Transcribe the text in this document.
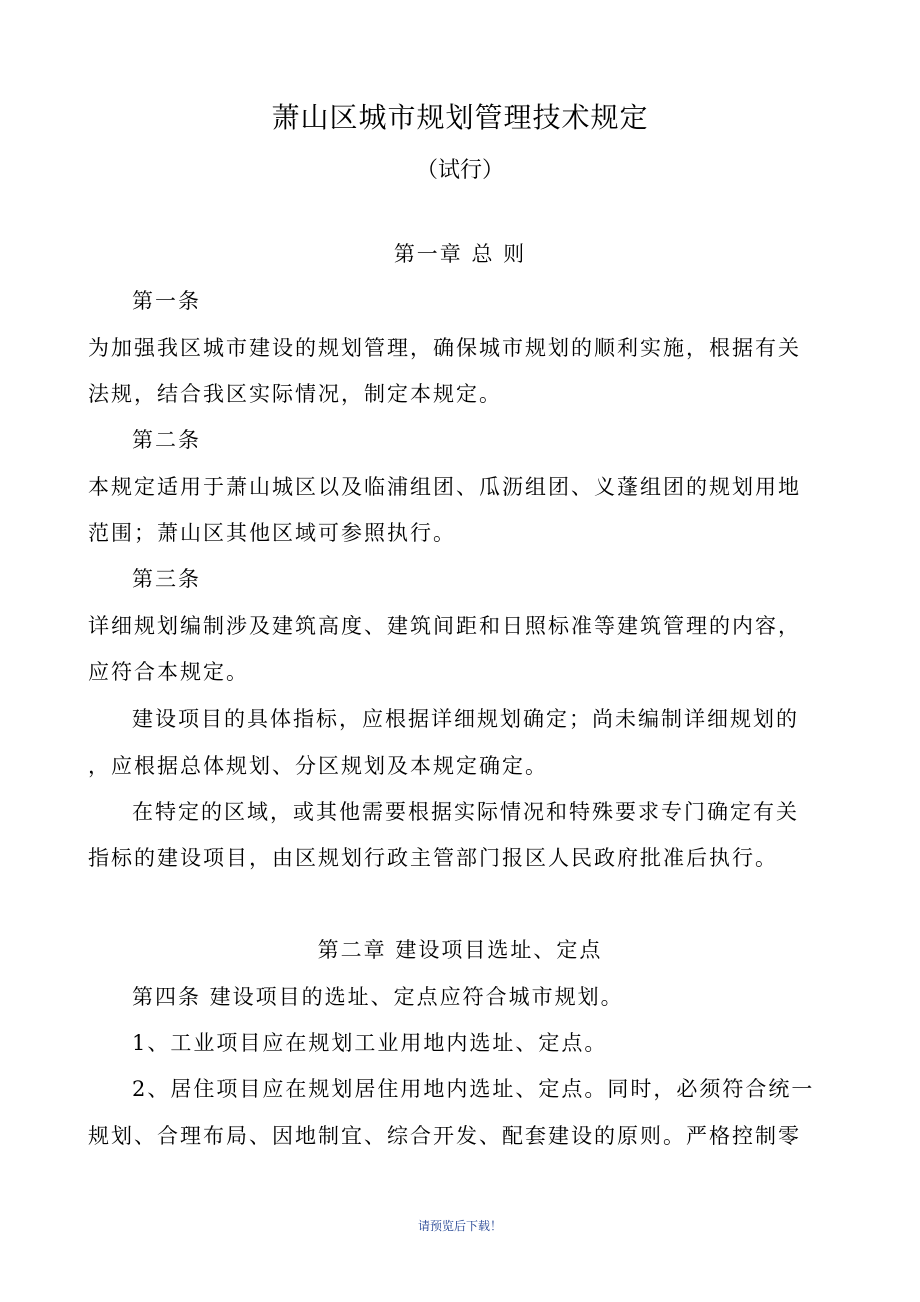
萧山区城市规划管理技术规定
（试行）
第一章 总 则
第一条
为加强我区城市建设的规划管理，确保城市规划的顺利实施，根据有关
法规，结合我区实际情况，制定本规定。
第二条
本规定适用于萧山城区以及临浦组团、瓜沥组团、义蓬组团的规划用地
范围；萧山区其他区域可参照执行。
第三条
详细规划编制涉及建筑高度、建筑间距和日照标准等建筑管理的内容，
应符合本规定。
建设项目的具体指标，应根据详细规划确定；尚未编制详细规划的
，应根据总体规划、分区规划及本规定确定。
在特定的区域，或其他需要根据实际情况和特殊要求专门确定有关
指标的建设项目，由区规划行政主管部门报区人民政府批准后执行。
第二章 建设项目选址、定点
第四条 建设项目的选址、定点应符合城市规划。
1、工业项目应在规划工业用地内选址、定点。
2、居住项目应在规划居住用地内选址、定点。同时，必须符合统一
规划、合理布局、因地制宜、综合开发、配套建设的原则。严格控制零
请预览后下载！
